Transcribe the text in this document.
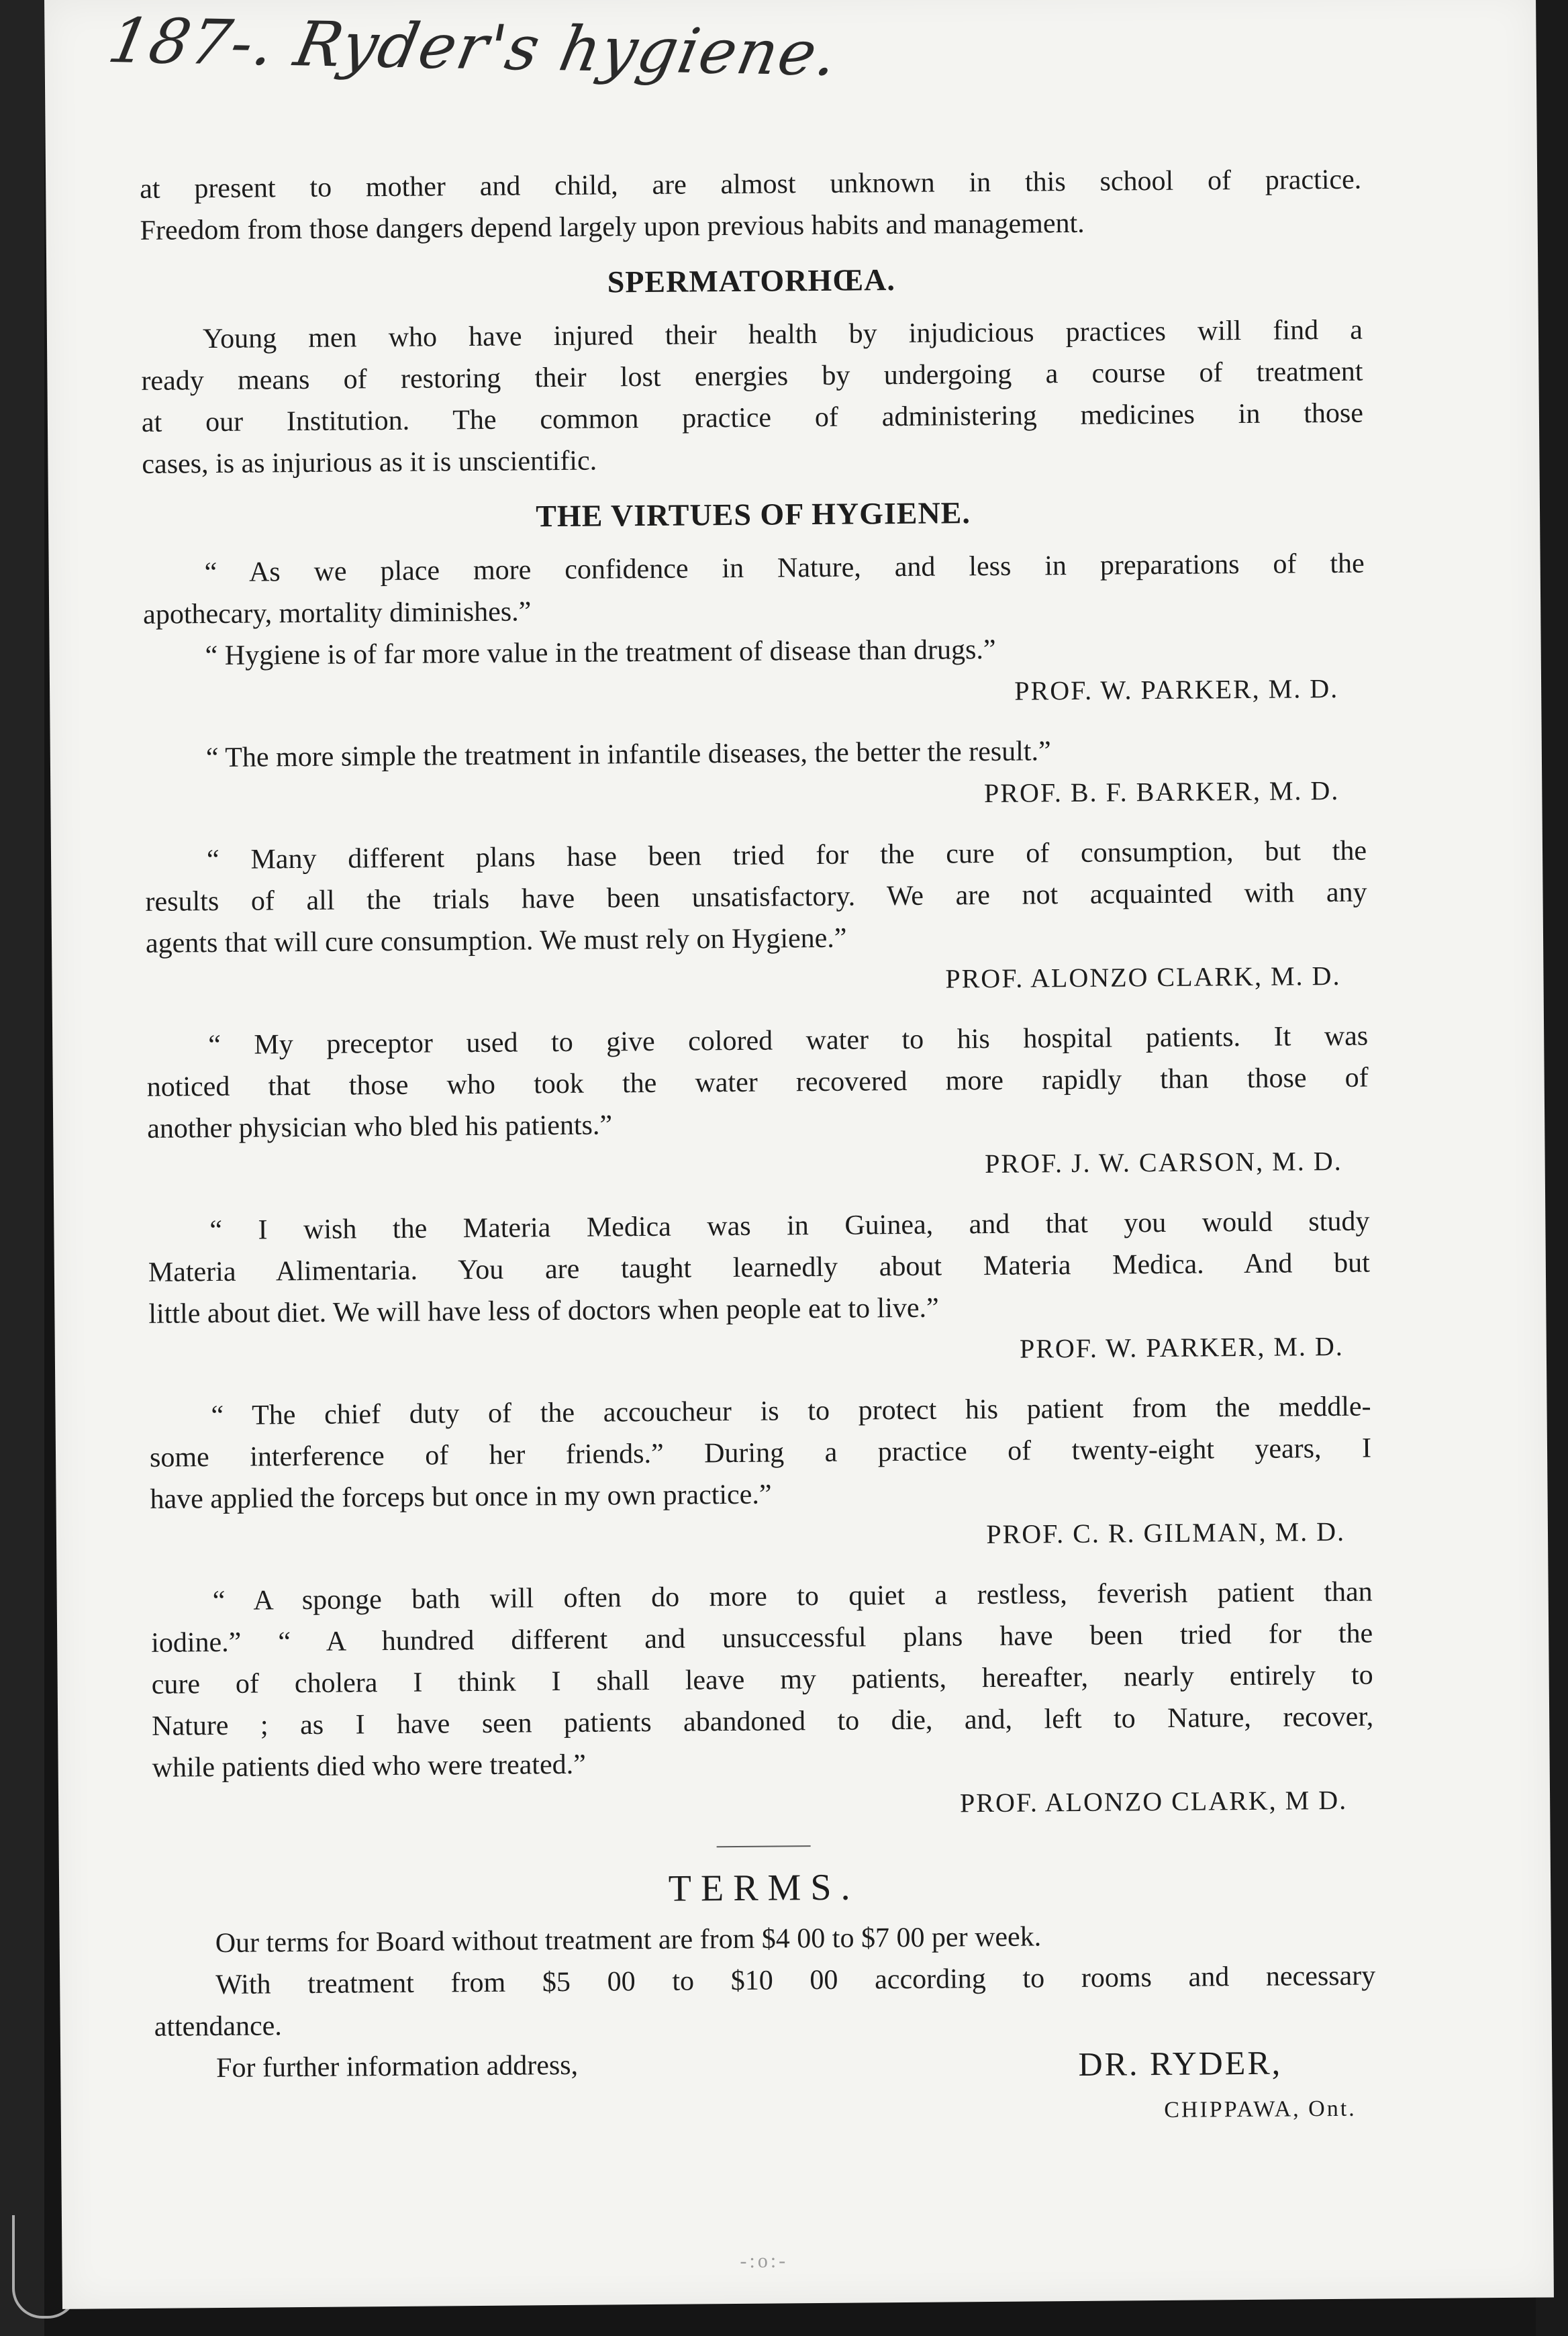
187-. Ryder's hygiene.
at present to mother and child, are almost unknown in this school of practice.
Freedom from those dangers depend largely upon previous habits and management.
SPERMATORHŒA.
Young men who have injured their health by injudicious practices will find a
ready means of restoring their lost energies by undergoing a course of treatment
at our Institution. The common practice of administering medicines in those
cases, is as injurious as it is unscientific.
THE VIRTUES OF HYGIENE.
“ As we place more confidence in Nature, and less in preparations of the
apothecary, mortality diminishes.”
“ Hygiene is of far more value in the treatment of disease than drugs.”
PROF. W. PARKER, M. D.
“ The more simple the treatment in infantile diseases, the better the result.”
PROF. B. F. BARKER, M. D.
“ Many different plans hase been tried for the cure of consumption, but the
results of all the trials have been unsatisfactory. We are not acquainted with any
agents that will cure consumption. We must rely on Hygiene.”
PROF. ALONZO CLARK, M. D.
“ My preceptor used to give colored water to his hospital patients. It was
noticed that those who took the water recovered more rapidly than those of
another physician who bled his patients.”
PROF. J. W. CARSON, M. D.
“ I wish the Materia Medica was in Guinea, and that you would study
Materia Alimentaria. You are taught learnedly about Materia Medica. And but
little about diet. We will have less of doctors when people eat to live.”
PROF. W. PARKER, M. D.
“ The chief duty of the accoucheur is to protect his patient from the meddle-
some interference of her friends.” During a practice of twenty-eight years, I
have applied the forceps but once in my own practice.”
PROF. C. R. GILMAN, M. D.
“ A sponge bath will often do more to quiet a restless, feverish patient than
iodine.” “ A hundred different and unsuccessful plans have been tried for the
cure of cholera I think I shall leave my patients, hereafter, nearly entirely to
Nature ; as I have seen patients abandoned to die, and, left to Nature, recover,
while patients died who were treated.”
PROF. ALONZO CLARK, M D.
TERMS.
Our terms for Board without treatment are from $4 00 to $7 00 per week.
With treatment from $5 00 to $10 00 according to rooms and necessary
attendance.
For further information address,	DR. RYDER,
CHIPPAWA, Ont.
-:o:-
